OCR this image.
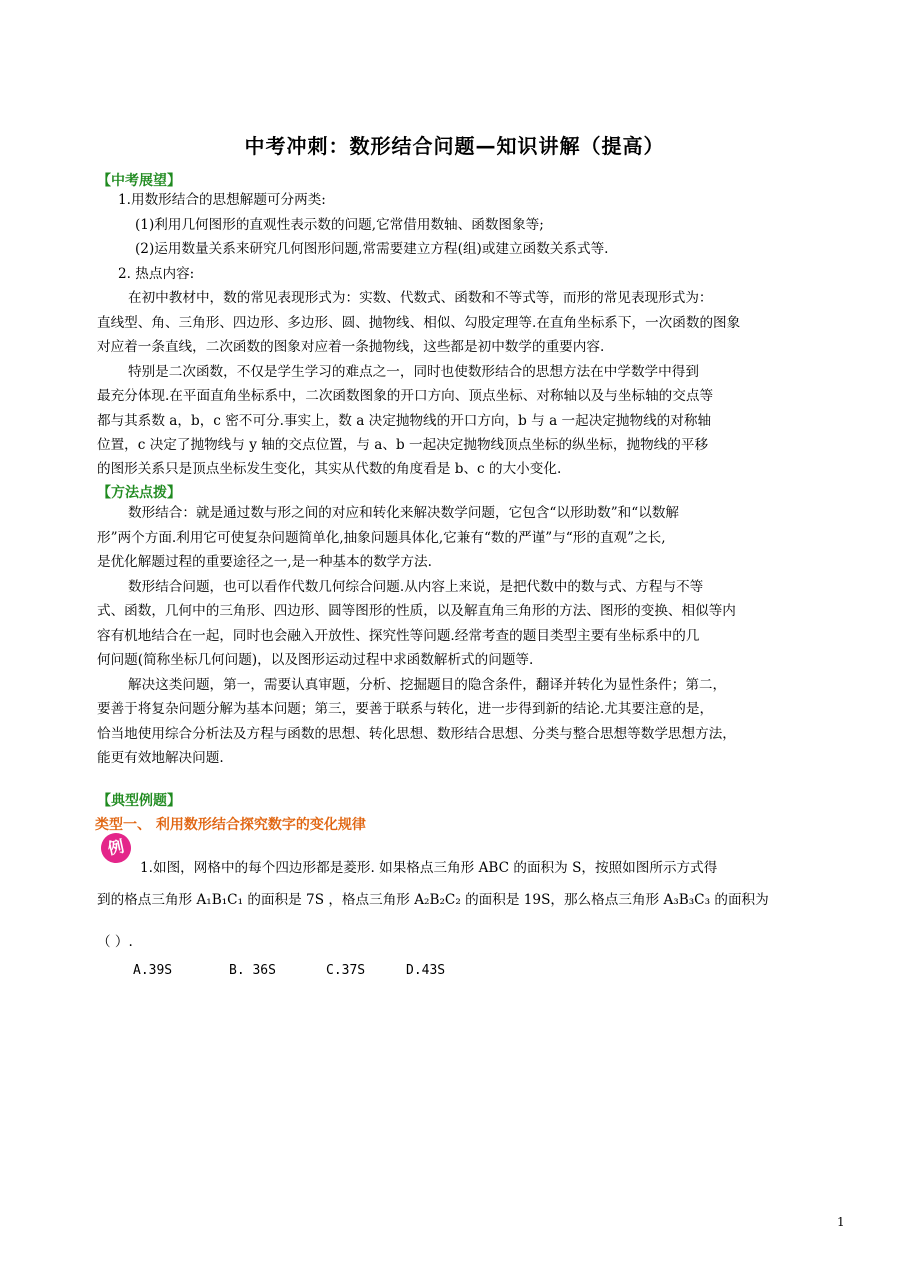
中考冲刺：数形结合问题—知识讲解（提高）
【中考展望】
1.用数形结合的思想解题可分两类:
(1)利用几何图形的直观性表示数的问题,它常借用数轴、函数图象等;
(2)运用数量关系来研究几何图形问题,常需要建立方程(组)或建立函数关系式等.
2. 热点内容:
在初中教材中，数的常见表现形式为：实数、代数式、函数和不等式等，而形的常见表现形式为：
直线型、角、三角形、四边形、多边形、圆、抛物线、相似、勾股定理等.在直角坐标系下，一次函数的图象
对应着一条直线，二次函数的图象对应着一条抛物线，这些都是初中数学的重要内容.
特别是二次函数，不仅是学生学习的难点之一，同时也使数形结合的思想方法在中学数学中得到
最充分体现.在平面直角坐标系中，二次函数图象的开口方向、顶点坐标、对称轴以及与坐标轴的交点等
都与其系数 a，b，c 密不可分.事实上，数 a 决定抛物线的开口方向，b 与 a 一起决定抛物线的对称轴
位置，c 决定了抛物线与 y 轴的交点位置，与 a、b 一起决定抛物线顶点坐标的纵坐标，抛物线的平移
的图形关系只是顶点坐标发生变化，其实从代数的角度看是 b、c 的大小变化.
【方法点拨】
数形结合：就是通过数与形之间的对应和转化来解决数学问题，它包含“以形助数”和“以数解
形”两个方面.利用它可使复杂问题简单化,抽象问题具体化,它兼有“数的严谨”与“形的直观”之长,
是优化解题过程的重要途径之一,是一种基本的数学方法.
数形结合问题，也可以看作代数几何综合问题.从内容上来说，是把代数中的数与式、方程与不等
式、函数，几何中的三角形、四边形、圆等图形的性质，以及解直角三角形的方法、图形的变换、相似等内
容有机地结合在一起，同时也会融入开放性、探究性等问题.经常考查的题目类型主要有坐标系中的几
何问题(简称坐标几何问题)，以及图形运动过程中求函数解析式的问题等.
解决这类问题，第一，需要认真审题，分析、挖掘题目的隐含条件，翻译并转化为显性条件；第二，
要善于将复杂问题分解为基本问题；第三，要善于联系与转化，进一步得到新的结论.尤其要注意的是，
恰当地使用综合分析法及方程与函数的思想、转化思想、数形结合思想、分类与整合思想等数学思想方法，
能更有效地解决问题.
【典型例题】
类型一、 利用数形结合探究数字的变化规律
例
1.如图，网格中的每个四边形都是菱形. 如果格点三角形 ABC 的面积为 S，按照如图所示方式得
到的格点三角形 A₁B₁C₁ 的面积是 7S ，格点三角形 A₂B₂C₂ 的面积是 19S，那么格点三角形 A₃B₃C₃ 的面积为
（ ）.
A.39S	B. 36S	C.37S	D.43S
1
